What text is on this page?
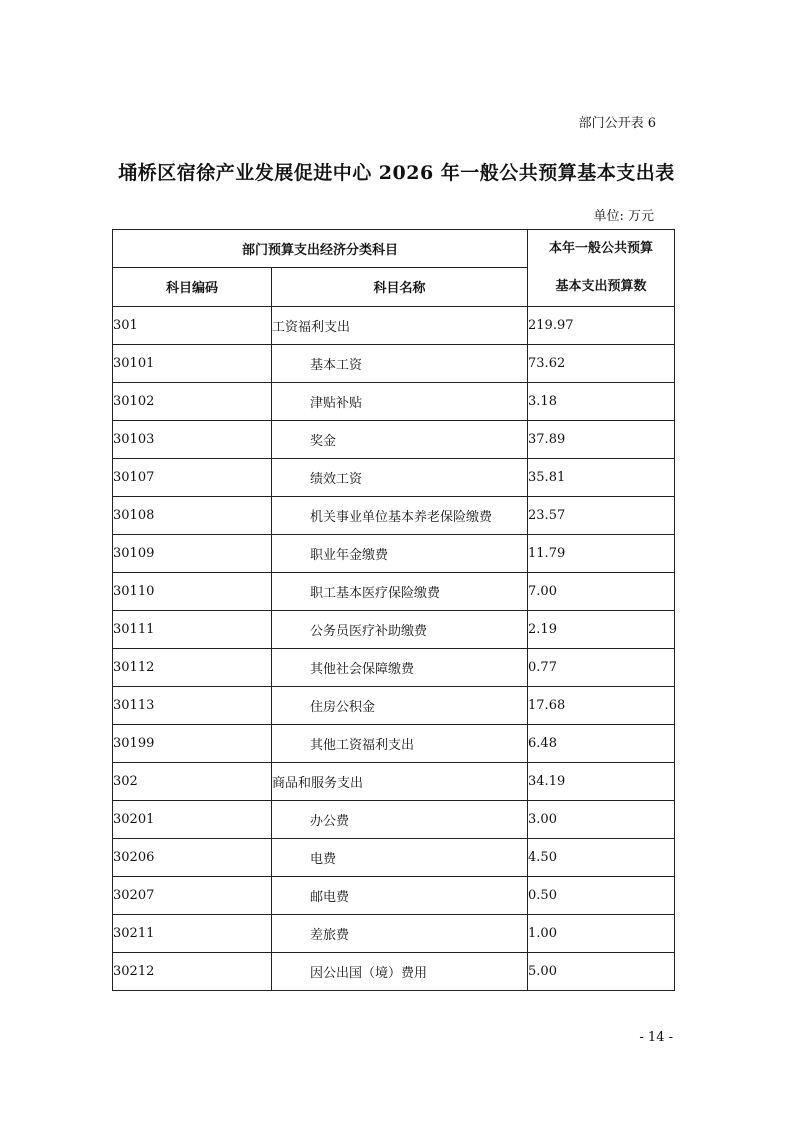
部门公开表 6
埇桥区宿徐产业发展促进中心 2026 年一般公共预算基本支出表
单位: 万元
部门预算支出经济分类科目		本年一般公共预算
基本支出预算数

科目编码	科目名称	
301	工资福利支出	219.97
30101	基本工资	73.62
30102	津贴补贴	3.18
30103	奖金	37.89
30107	绩效工资	35.81
30108	机关事业单位基本养老保险缴费	23.57
30109	职业年金缴费	11.79
30110	职工基本医疗保险缴费	7.00
30111	公务员医疗补助缴费	2.19
30112	其他社会保障缴费	0.77
30113	住房公积金	17.68
30199	其他工资福利支出	6.48
302	商品和服务支出	34.19
30201	办公费	3.00
30206	电费	4.50
30207	邮电费	0.50
30211	差旅费	1.00
30212	因公出国（境）费用	5.00
- 14 -
